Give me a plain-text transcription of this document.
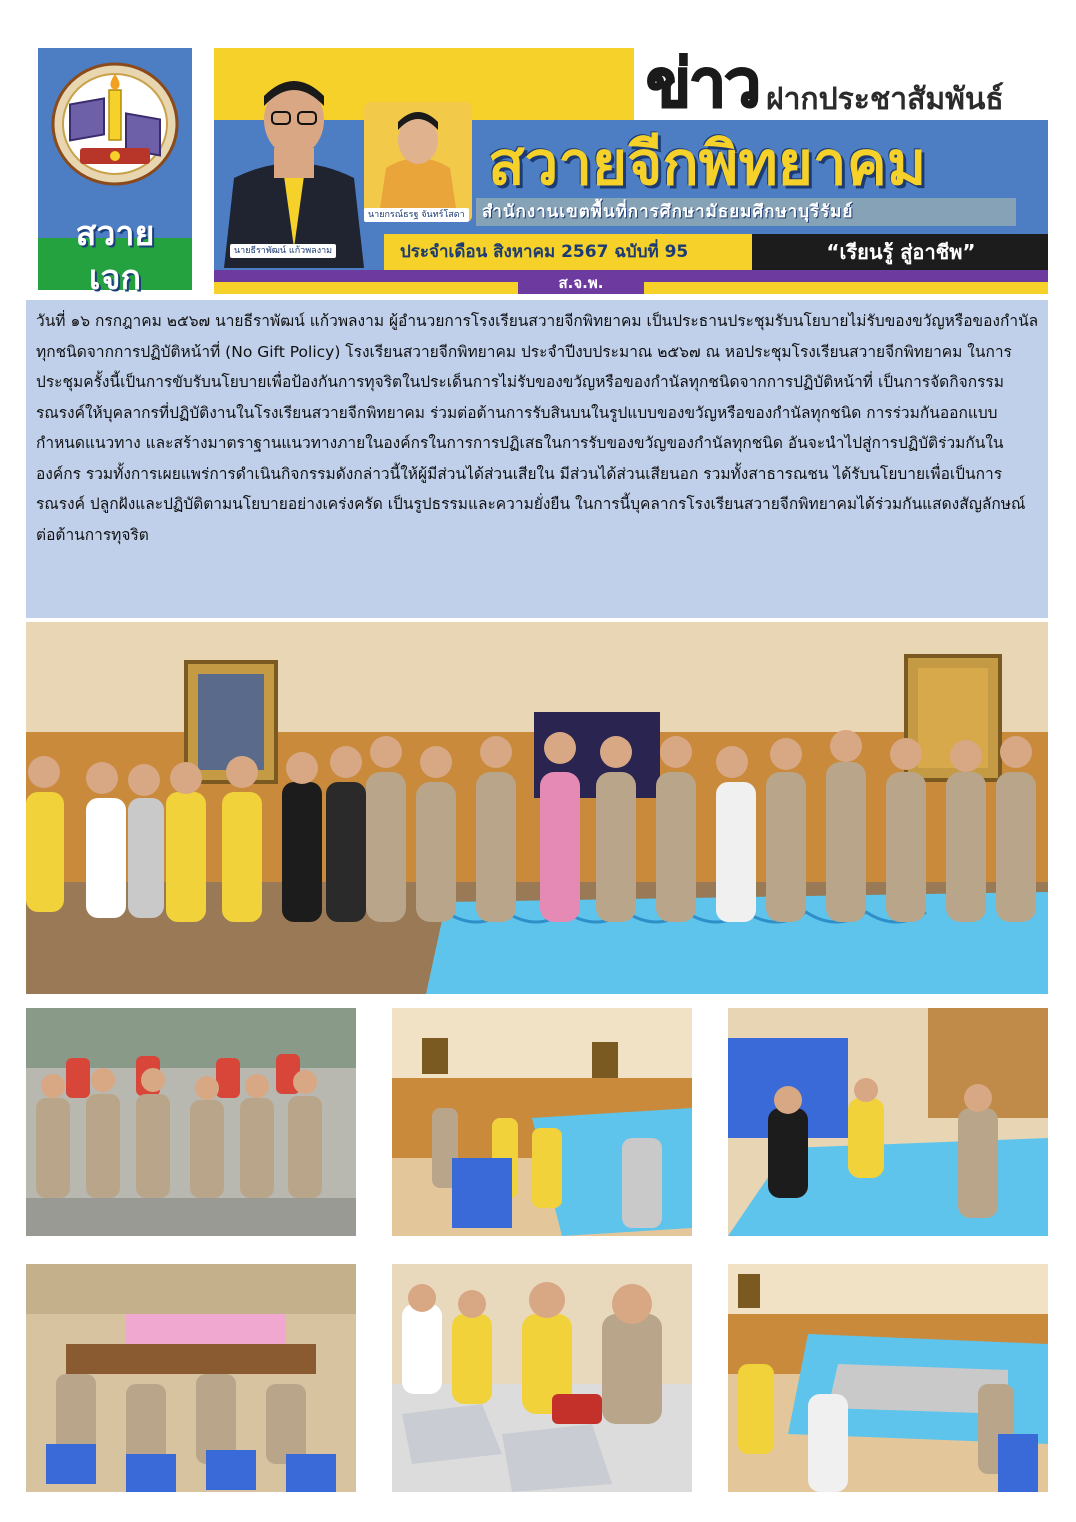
สวาย
เจก
ข่าว ฝากประชาสัมพันธ์
สวายจีกพิทยาคม
สำนักงานเขตพื้นที่การศึกษามัธยมศึกษาบุรีรัมย์
นายกรณ์ธรฐ จันทร์โสดา
นายธีราพัฒน์ แก้วพลงาม	ประจำเดือน สิงหาคม 2567 ฉบับที่ 95	“เรียนรู้ สู่อาชีพ”
ส.จ.พ.
วันที่ ๑๖ กรกฎาคม ๒๕๖๗ นายธีราพัฒน์ แก้วพลงาม ผู้อำนวยการโรงเรียนสวายจีกพิทยาคม เป็นประธานประชุมรับนโยบายไม่รับของขวัญหรือของกำนัลทุกชนิดจากการปฏิบัติหน้าที่ (No Gift Policy) โรงเรียนสวายจีกพิทยาคม ประจำปีงบประมาณ ๒๕๖๗ ณ หอประชุมโรงเรียนสวายจีกพิทยาคม ในการประชุมครั้งนี้เป็นการขับรับนโยบายเพื่อป้องกันการทุจริตในประเด็นการไม่รับของขวัญหรือของกำนัลทุกชนิดจากการปฏิบัติหน้าที่ เป็นการจัดกิจกรรมรณรงค์ให้บุคลากรที่ปฏิบัติงานในโรงเรียนสวายจีกพิทยาคม ร่วมต่อต้านการรับสินบนในรูปแบบของขวัญหรือของกำนัลทุกชนิด การร่วมกันออกแบบกำหนดแนวทาง และสร้างมาตราฐานแนวทางภายในองค์กรในการการปฏิเสธในการรับของขวัญของกำนัลทุกชนิด อันจะนำไปสู่การปฏิบัติร่วมกันในองค์กร รวมทั้งการเผยแพร่การดำเนินกิจกรรมดังกล่าวนี้ให้ผู้มีส่วนได้ส่วนเสียใน มีส่วนได้ส่วนเสียนอก รวมทั้งสาธารณชน ได้รับนโยบายเพื่อเป็นการรณรงค์ ปลูกฝังและปฏิบัติตามนโยบายอย่างเคร่งครัด เป็นรูปธรรมและความยั่งยืน ในการนี้บุคลากรโรงเรียนสวายจีกพิทยาคมได้ร่วมกันแสดงสัญลักษณ์ต่อต้านการทุจริต
